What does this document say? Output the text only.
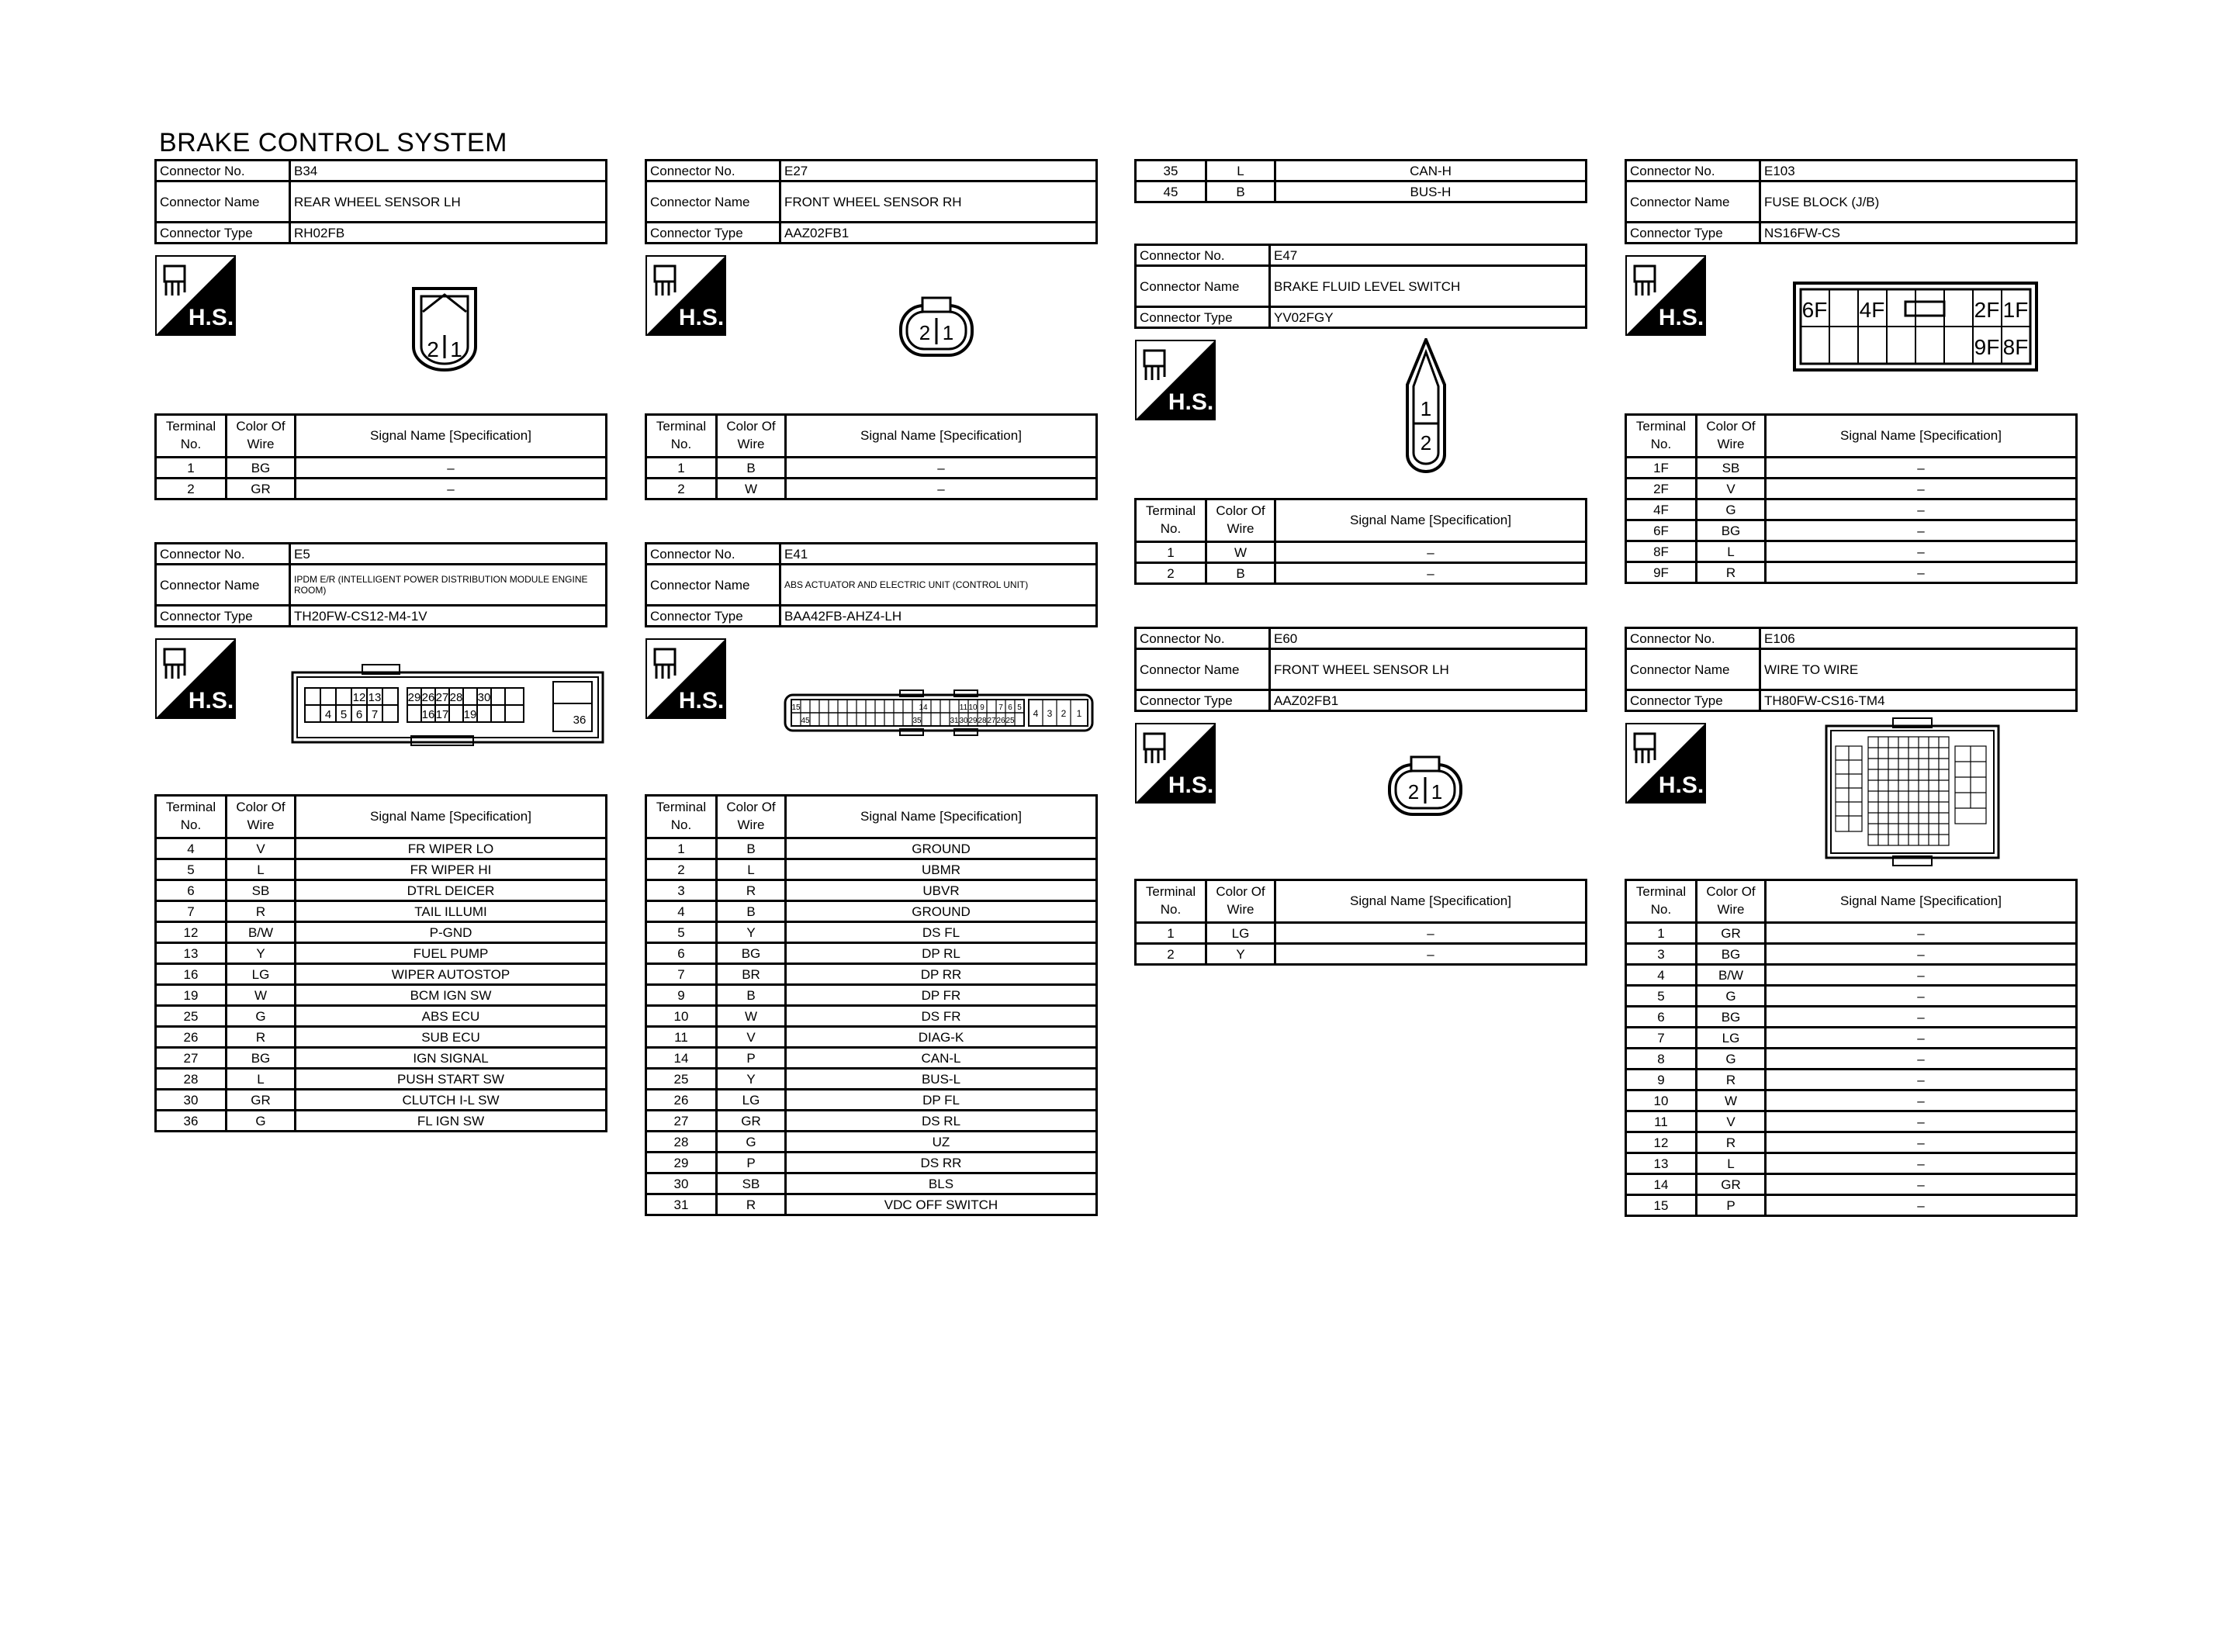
BRAKE CONTROL SYSTEM
Connector No.	B34
Connector Name	REAR WHEEL SENSOR LH
Connector Type	RH02FB
H.S.
2 1
Terminal No.	Color Of Wire	Signal Name [Specification]
1	BG	–
2	GR	–
Connector No.	E5
Connector Name	IPDM E/R (INTELLIGENT POWER DISTRIBUTION MODULE ENGINE ROOM)
Connector Type	TH20FW-CS12-M4-1V
H.S.	12 13 29 26 27 28 30
4 5 6 7	16 17 19	36
Terminal No.	Color Of Wire	Signal Name [Specification]
4	V	FR WIPER LO
5	L	FR WIPER HI
6	SB	DTRL DEICER
7	R	TAIL ILLUMI
12	B/W	P-GND
13	Y	FUEL PUMP
16	LG	WIPER AUTOSTOP
19	W	BCM IGN SW
25	G	ABS ECU
26	R	SUB ECU
27	BG	IGN SIGNAL
28	L	PUSH START SW
30	GR	CLUTCH I-L SW
36	G	FL IGN SW
Connector No.	E27
Connector Name	FRONT WHEEL SENSOR RH
Connector Type	AAZ02FB1
H.S.
2 1
Terminal No.	Color Of Wire	Signal Name [Specification]
1	B	–
2	W	–
Connector No.	E41
Connector Name	ABS ACTUATOR AND ELECTRIC UNIT (CONTROL UNIT)
Connector Type	BAA42FB-AHZ4-LH
H.S.	15	14	11 10 9 7 6 5
4 3 2 1
45	35	31 30 29 28 27 26 25
Terminal No.	Color Of Wire	Signal Name [Specification]
1	B	GROUND
2	L	UBMR
3	R	UBVR
4	B	GROUND
5	Y	DS FL
6	BG	DP RL
7	BR	DP RR
9	B	DP FR
10	W	DS FR
11	V	DIAG-K
14	P	CAN-L
25	Y	BUS-L
26	LG	DP FL
27	GR	DS RL
28	G	UZ
29	P	DS RR
30	SB	BLS
31	R	VDC OFF SWITCH
35	L	CAN-H
45	B	BUS-H
Connector No.	E47
Connector Name	BRAKE FLUID LEVEL SWITCH
Connector Type	YV02FGY
H.S.	1
2
Terminal No.	Color Of Wire	Signal Name [Specification]
1	W	–
2	B	–
Connector No.	E60
Connector Name	FRONT WHEEL SENSOR LH
Connector Type	AAZ02FB1
H.S.	2 1
Terminal No.	Color Of Wire	Signal Name [Specification]
1	LG	–
2	Y	–
Connector No.	E103
Connector Name	FUSE BLOCK (J/B)
Connector Type	NS16FW-CS
H.S.	6F 4F	2F 1F
9F 8F
Terminal No.	Color Of Wire	Signal Name [Specification]
1F	SB	–
2F	V	–
4F	G	–
6F	BG	–
8F	L	–
9F	R	–
Connector No.	E106
Connector Name	WIRE TO WIRE
Connector Type	TH80FW-CS16-TM4
H.S.
Terminal No.	Color Of Wire	Signal Name [Specification]
1	GR	–
3	BG	–
4	B/W	–
5	G	–
6	BG	–
7	LG	–
8	G	–
9	R	–
10	W	–
11	V	–
12	R	–
13	L	–
14	GR	–
15	P	–
